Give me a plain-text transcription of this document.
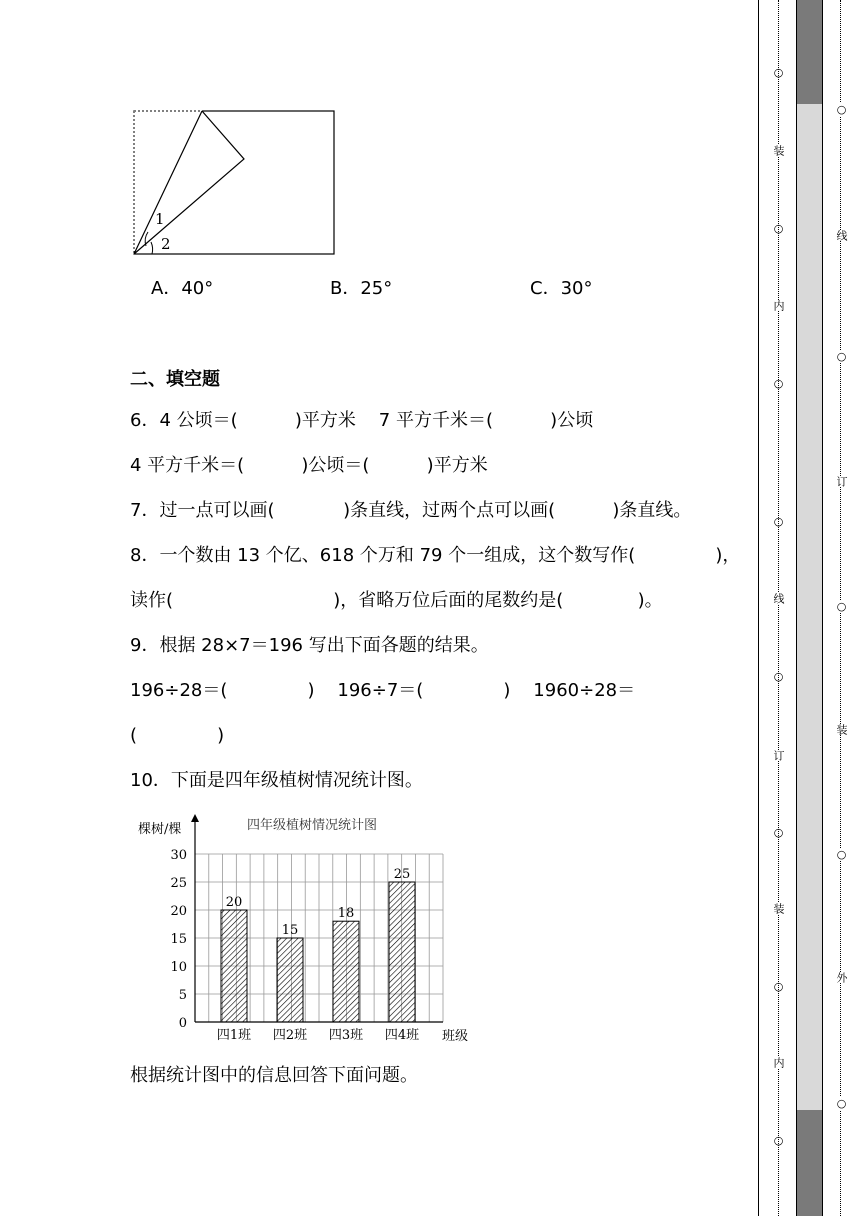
1
2
A．40°	B．25°	C．30°
二、填空题
6．4 公顷＝(          )平方米    7 平方千米＝(          )公顷
4 平方千米＝(          )公顷＝(          )平方米
7．过一点可以画(            )条直线，过两个点可以画(          )条直线。
8．一个数由 13 个亿、618 个万和 79 个一组成，这个数写作(              )，
读作(                            )，省略万位后面的尾数约是(             )。
9．根据 28×7＝196 写出下面各题的结果。
196÷28＝(              )    196÷7＝(              )    1960÷28＝
(              )
10．下面是四年级植树情况统计图。
四年级植树情况统计图
棵树/棵
班级
0
5
10
15
20
25
30
20
四1班
15
四2班
18
四3班
25
四4班
根据统计图中的信息回答下面问题。
○
装
○
内
○
○
线
○
订
○
装
○
内
○
○
线
○
订
○
装
○
外
○
